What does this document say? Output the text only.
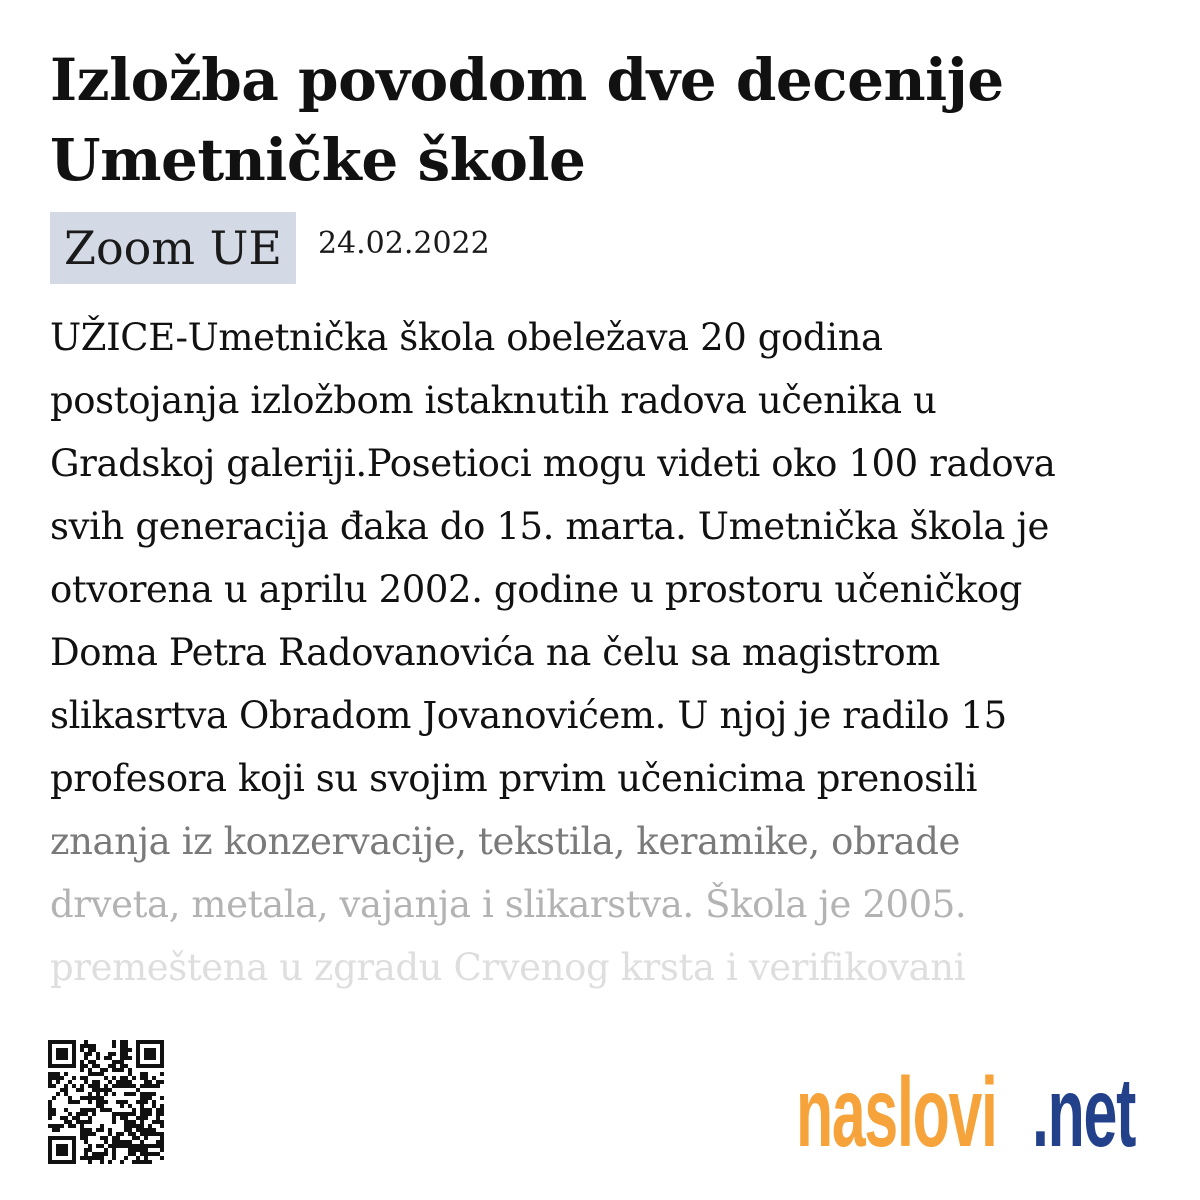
Izložba povodom dve decenije
Umetničke škole
Zoom UE	24.02.2022
UŽICE-Umetnička škola obeležava 20 godina
postojanja izložbom istaknutih radova učenika u
Gradskoj galeriji.Posetioci mogu videti oko 100 radova
svih generacija đaka do 15. marta. Umetnička škola je
otvorena u aprilu 2002. godine u prostoru učeničkog
Doma Petra Radovanovića na čelu sa magistrom
slikasrtva Obradom Jovanovićem. U njoj je radilo 15
profesora koji su svojim prvim učenicima prenosili
znanja iz konzervacije, tekstila, keramike, obrade
drveta, metala, vajanja i slikarstva. Škola je 2005.
premeštena u zgradu Crvenog krsta i verifikovani
naslovi .net
